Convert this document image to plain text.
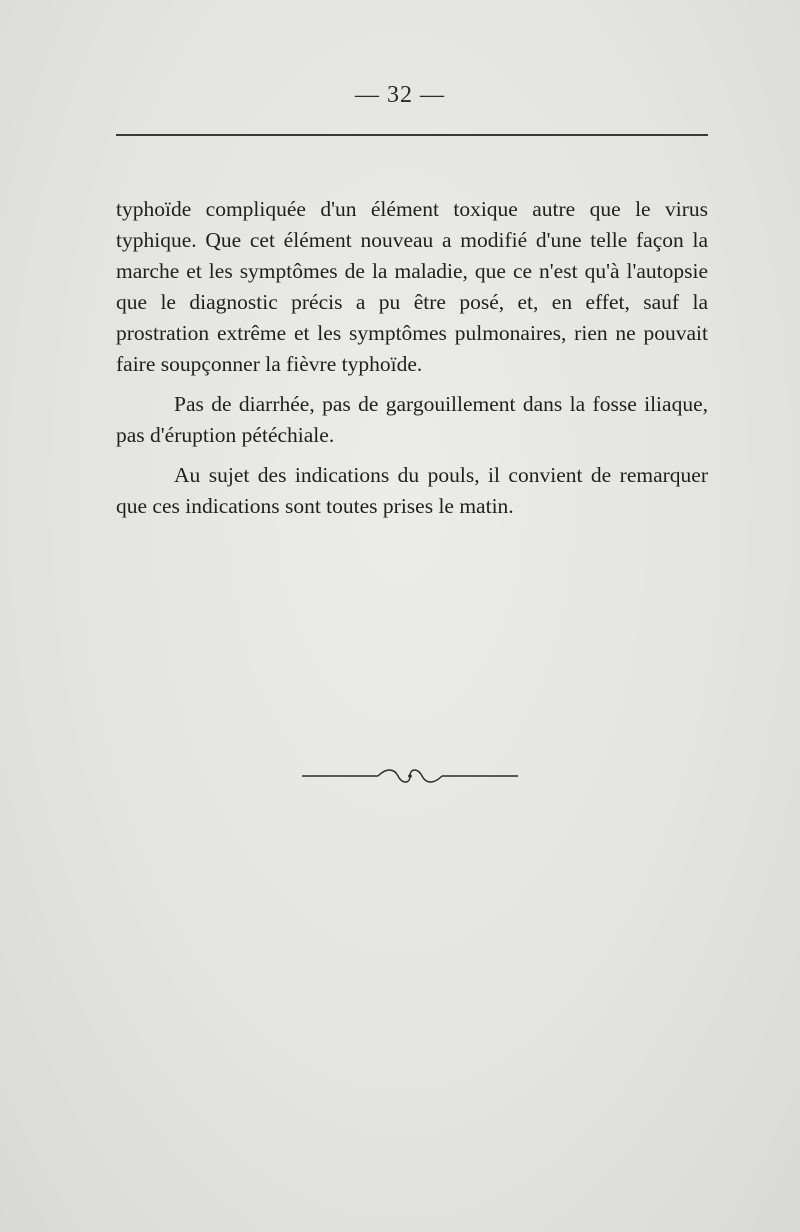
— 32 —

typhoïde compliquée d'un élément toxique autre que le virus typhique. Que cet élément nouveau a modifié d'une telle façon la marche et les symptômes de la maladie, que ce n'est qu'à l'autopsie que le diagnostic précis a pu être posé, et, en effet, sauf la prostration extrême et les symptômes pulmonaires, rien ne pouvait faire soupçonner la fièvre typhoïde.

Pas de diarrhée, pas de gargouillement dans la fosse iliaque, pas d'éruption pétéchiale.

Au sujet des indications du pouls, il convient de remarquer que ces indications sont toutes prises le matin.
